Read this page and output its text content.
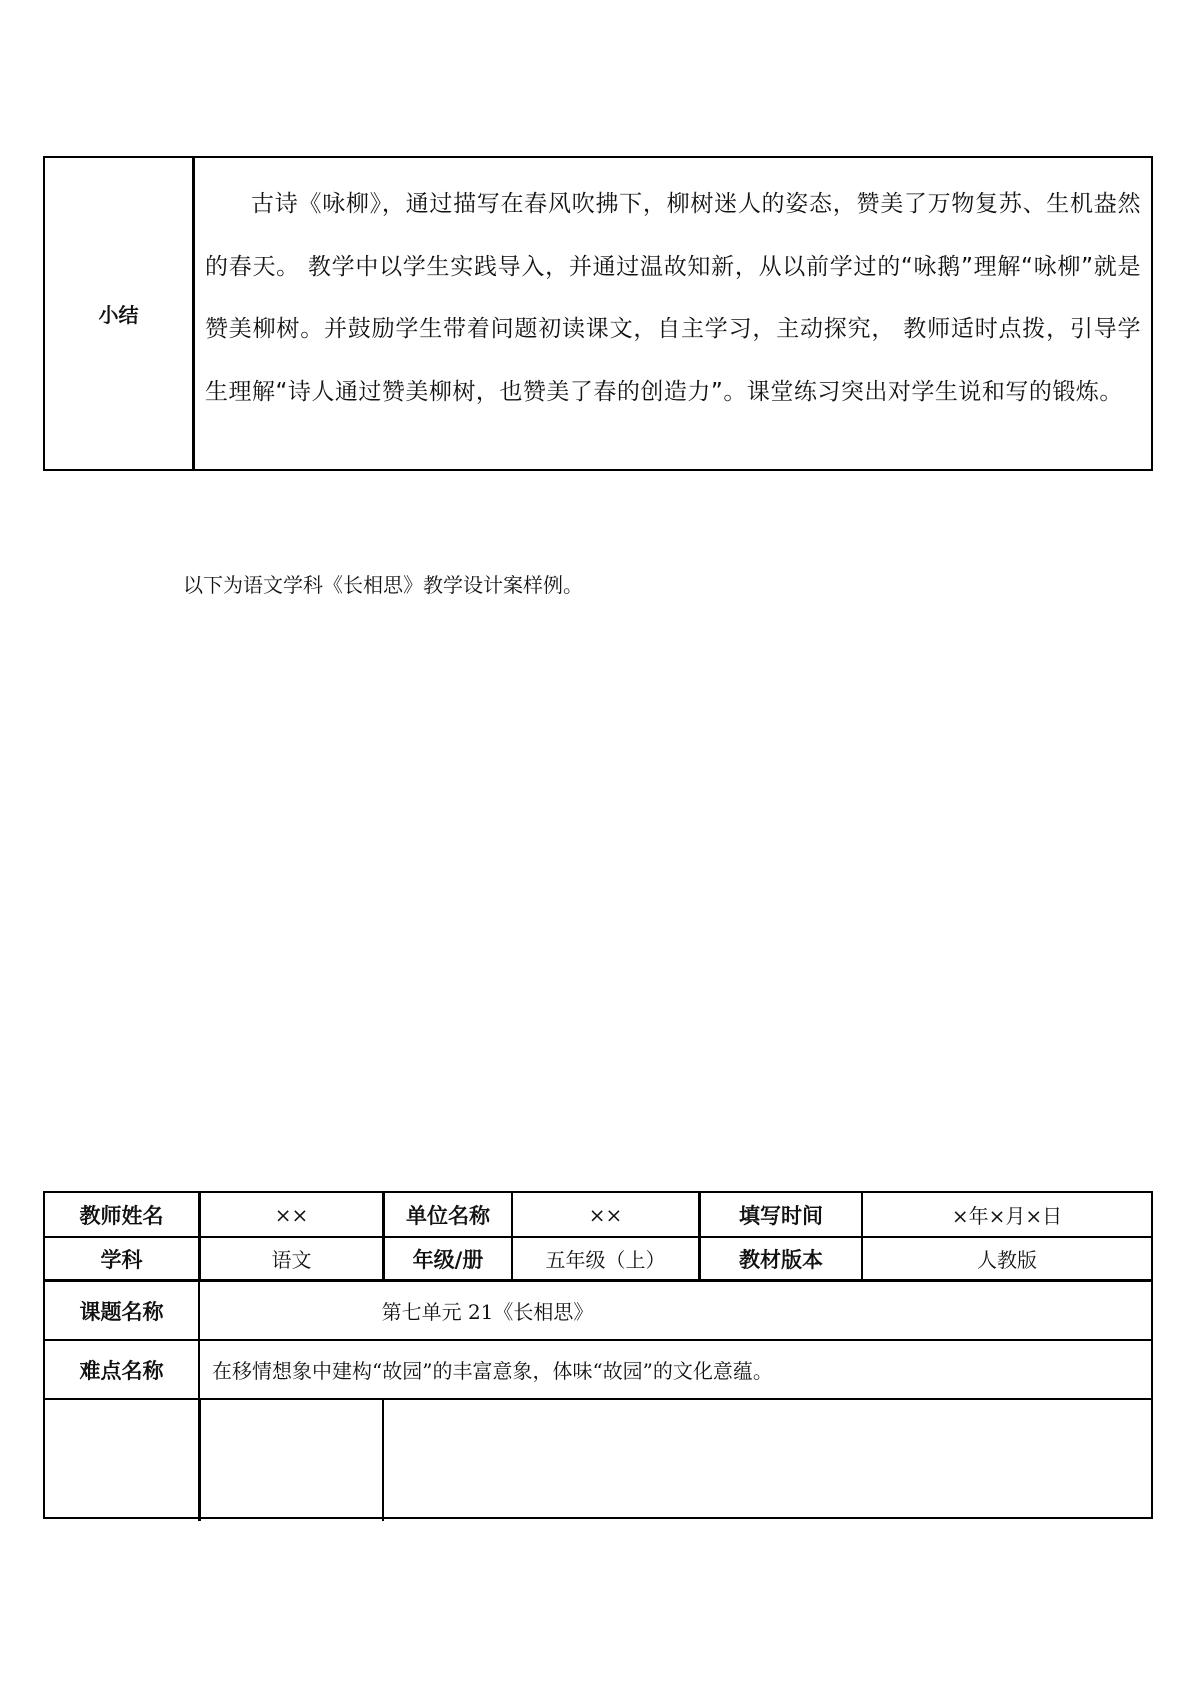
小结
古诗《咏柳》，通过描写在春风吹拂下，柳树迷人的姿态，赞美了万物复苏、生机盎然的春天。 教学中以学生实践导入，并通过温故知新，从以前学过的“咏鹅”理解“咏柳”就是赞美柳树。并鼓励学生带着问题初读课文，自主学习，主动探究， 教师适时点拨，引导学生理解“诗人通过赞美柳树，也赞美了春的创造力”。课堂练习突出对学生说和写的锻炼。
以下为语文学科《长相思》教学设计案样例。
教师姓名	××	单位名称	××	填写时间	×年×月×日
学科	语文	年级/册	五年级（上）	教材版本	人教版
课题名称	第七单元 21《长相思》
难点名称	在移情想象中建构“故园”的丰富意象，体味“故园”的文化意蕴。
